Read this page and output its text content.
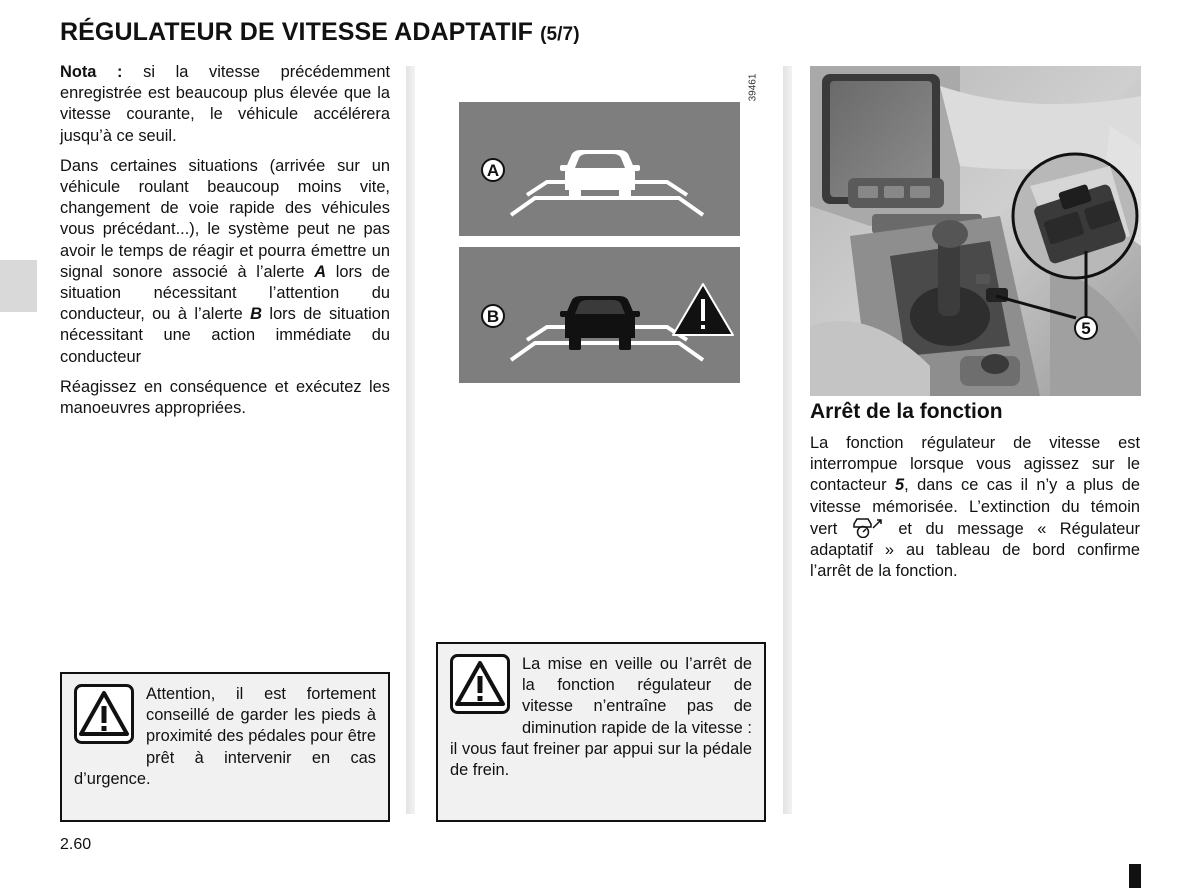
RÉGULATEUR DE VITESSE ADAPTATIF (5/7)

Nota : si la vitesse précédemment enregistrée est beaucoup plus élevée que la vitesse courante, le véhicule accélérera jusqu’à ce seuil.

Dans certaines situations (arrivée sur un véhicule roulant beaucoup moins vite, changement de voie rapide des véhicules vous précédant...), le système peut ne pas avoir le temps de réagir et pourra émettre un signal sonore associé à l’alerte A lors de situation nécessitant l’attention du conducteur, ou à l’alerte B lors de situation nécessitant une action immédiate du conducteur

Réagissez en conséquence et exécutez les manoeuvres appropriées.

39461
A
B
5
Arrêt de la fonction

La fonction régulateur de vitesse est interrompue lorsque vous agissez sur le contacteur 5, dans ce cas il n’y a plus de vitesse mémorisée. L’extinction du témoin vert  et du message « Régulateur adaptatif » au tableau de bord confirme l’arrêt de la fonction.

Attention, il est fortement conseillé de garder les pieds à proximité des pédales pour être prêt à intervenir en cas d’urgence.
La mise en veille ou l’arrêt de la fonction régulateur de vitesse n’entraîne pas de diminution rapide de la vitesse : il vous faut freiner par appui sur la pédale de frein.
2.60
